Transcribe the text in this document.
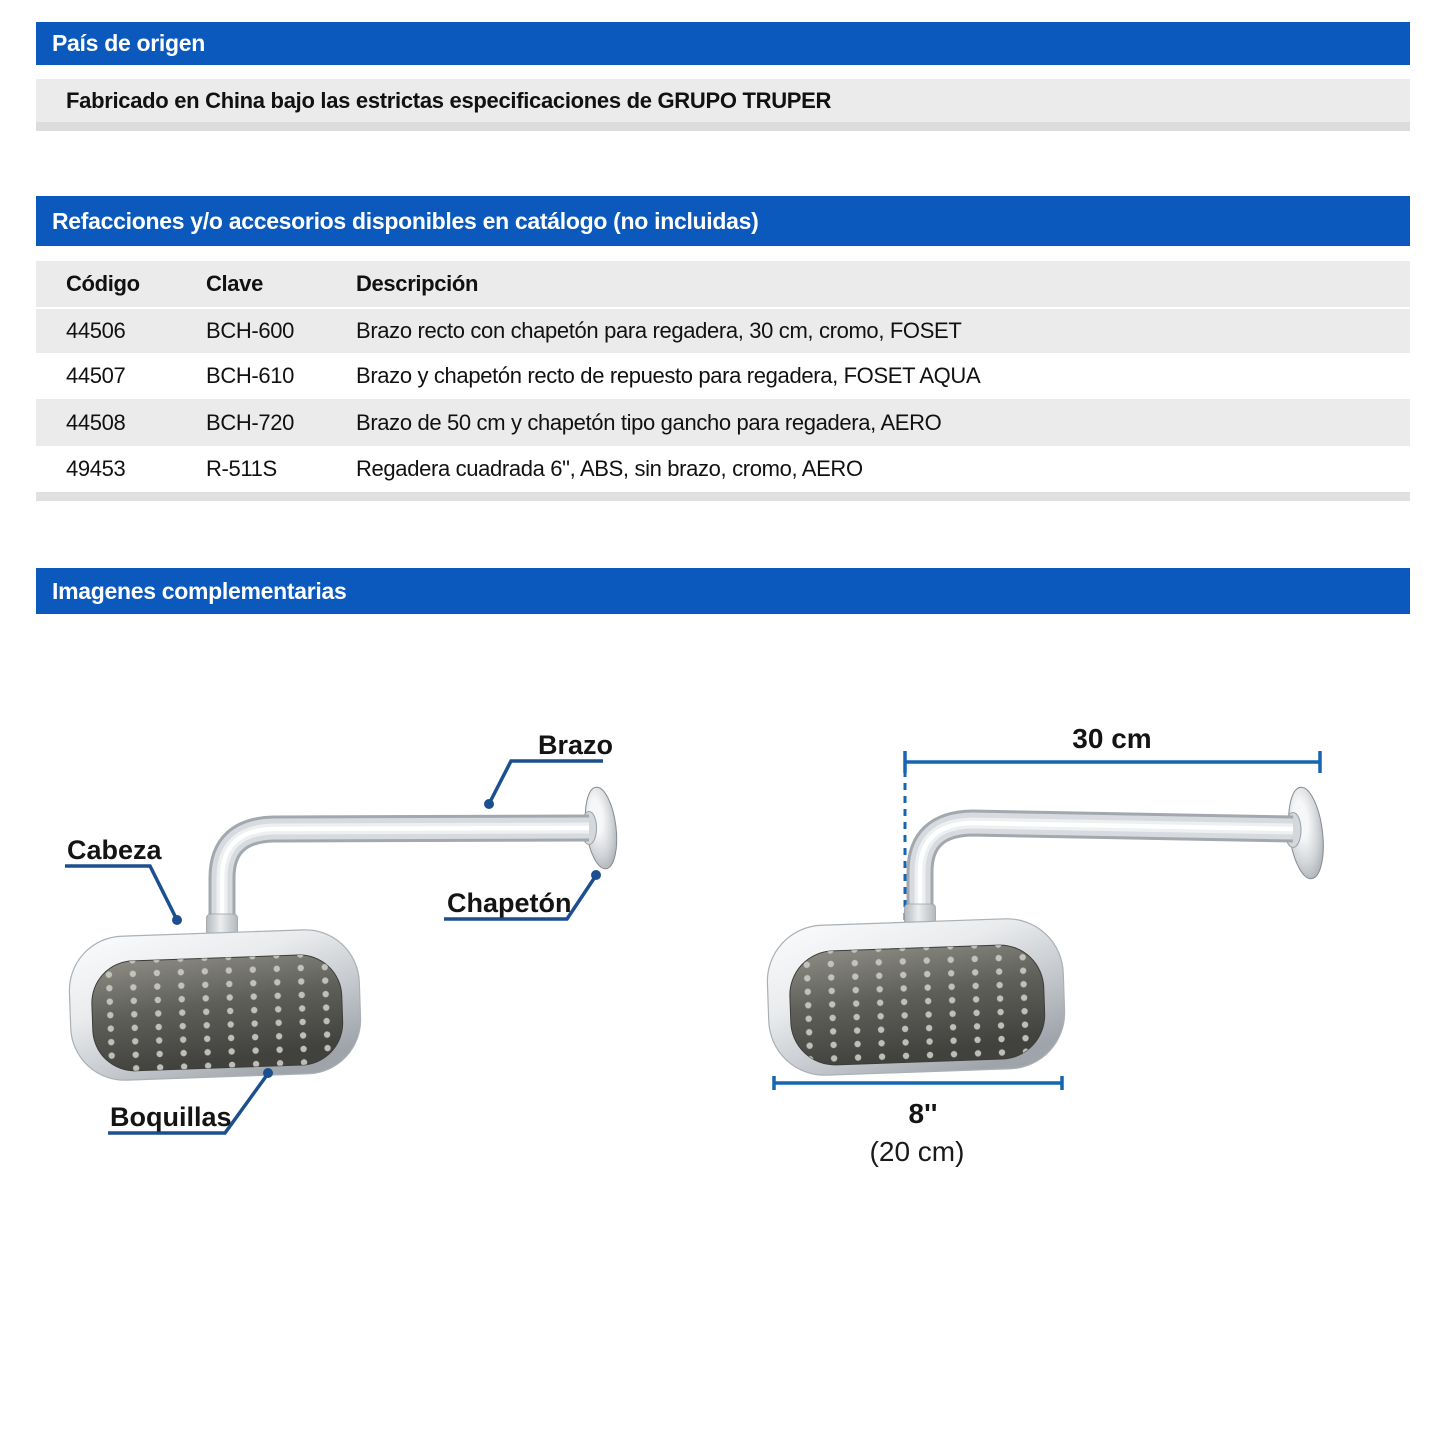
País de origen
Fabricado en China bajo las estrictas especificaciones de GRUPO TRUPER
Refacciones y/o accesorios disponibles en catálogo (no incluidas)
Código	Clave	Descripción
44506	BCH-600	Brazo recto con chapetón para regadera, 30 cm, cromo, FOSET
44507	BCH-610	Brazo y chapetón recto de repuesto para regadera, FOSET AQUA
44508	BCH-720	Brazo de 50 cm y chapetón tipo gancho para regadera, AERO
49453	R-511S	Regadera cuadrada 6", ABS, sin brazo, cromo, AERO
Imagenes complementarias
Brazo
Cabeza
Chapetón
Boquillas
30 cm
8''
(20 cm)
